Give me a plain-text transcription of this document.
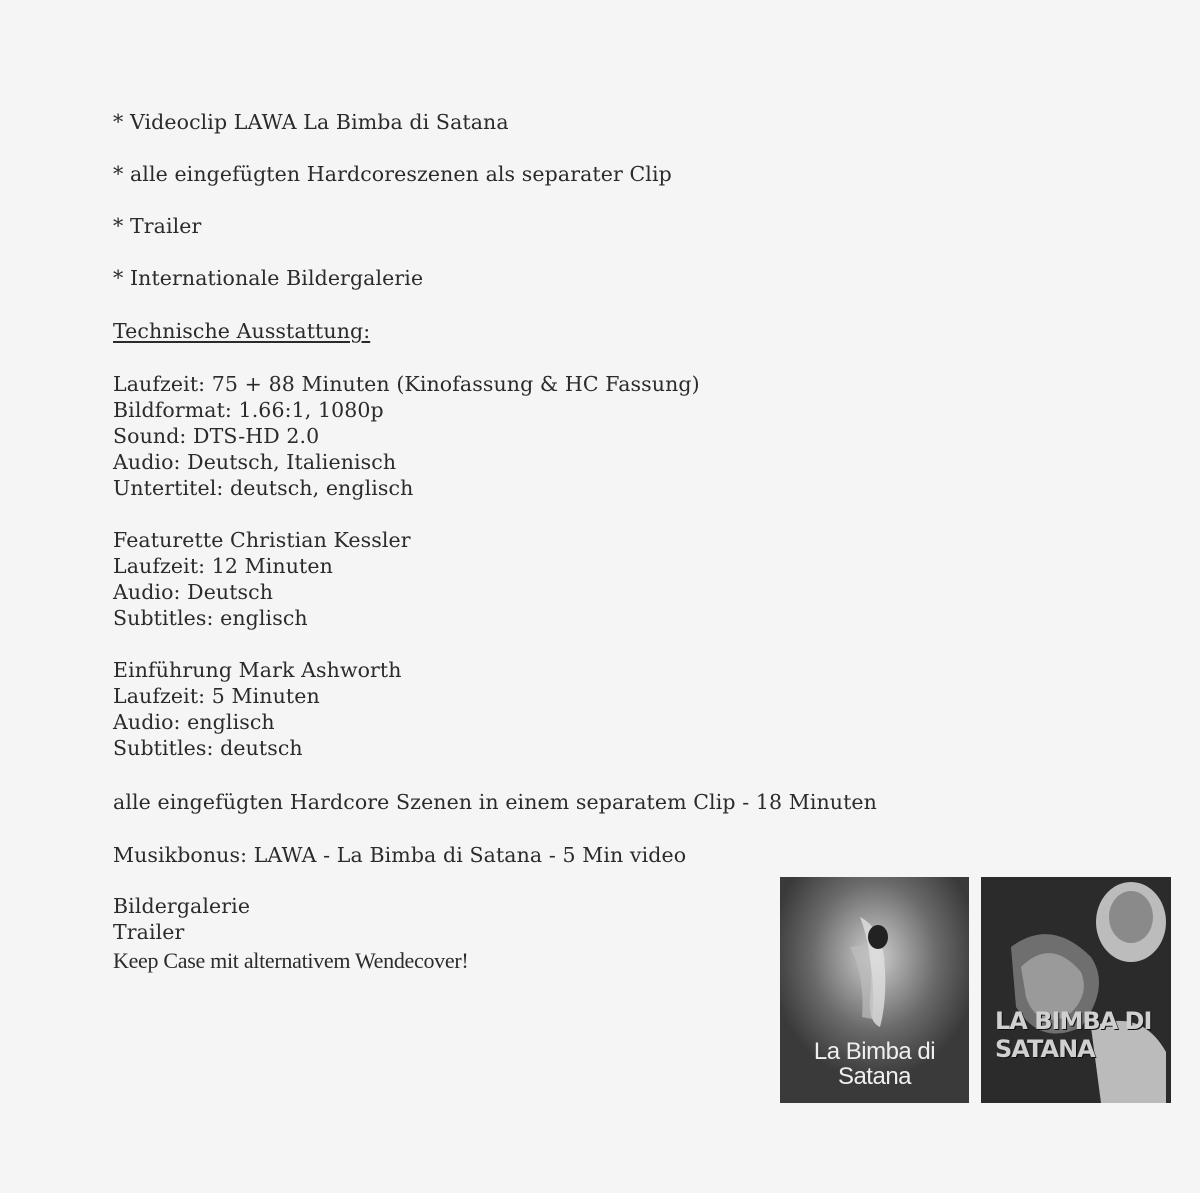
* Videoclip LAWA La Bimba di Satana
* alle eingefügten Hardcoreszenen als separater Clip
* Trailer
* Internationale Bildergalerie
Technische Ausstattung:
Laufzeit: 75 + 88 Minuten (Kinofassung & HC Fassung)
Bildformat: 1.66:1, 1080p
Sound: DTS-HD 2.0
Audio: Deutsch, Italienisch
Untertitel: deutsch, englisch
Featurette Christian Kessler
Laufzeit: 12 Minuten
Audio: Deutsch
Subtitles: englisch
Einführung Mark Ashworth
Laufzeit: 5 Minuten
Audio: englisch
Subtitles: deutsch
alle eingefügten Hardcore Szenen in einem separatem Clip - 18 Minuten
Musikbonus: LAWA - La Bimba di Satana - 5 Min video
Bildergalerie
Trailer
Keep Case mit alternativem Wendecover!
La Bimba di Satana
LA BIMBA DI SATANA
